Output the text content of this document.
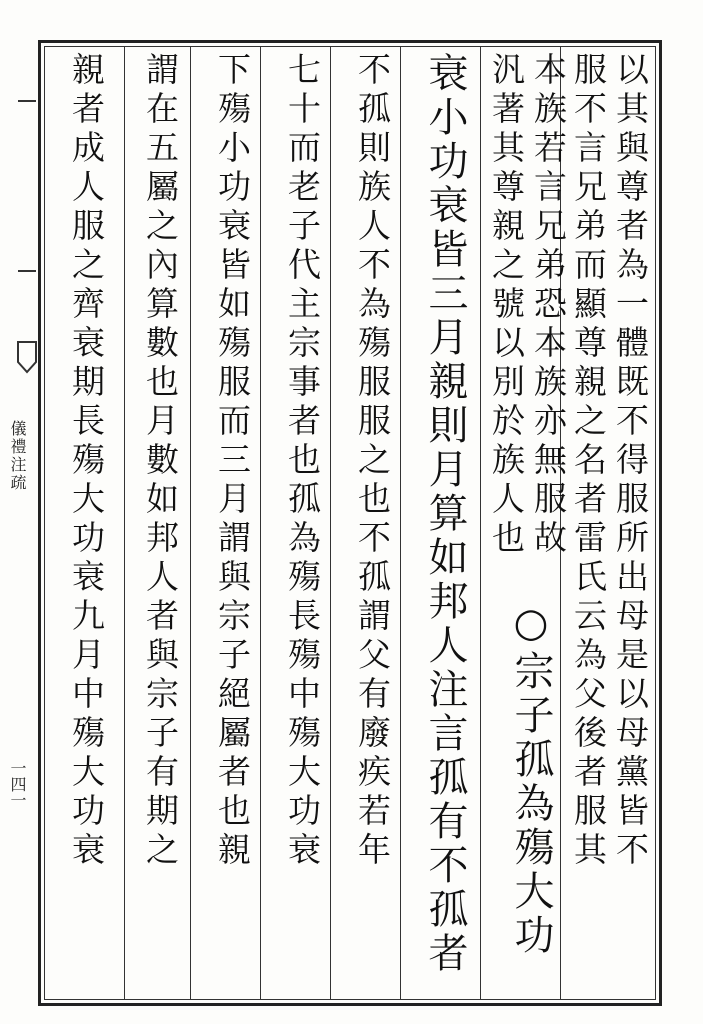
儀禮注疏
一四一	以其與尊者為一體既不得服所出母是以母黨皆不
服不言兄弟而顯尊親之名者雷氏云為父後者服其
本族若言兄弟恐本族亦無服故
○宗子孤為殤大功
汎著其尊親之號以別於族人也
衰小功衰皆三月親則月算如邦人注言孤有不孤者
不孤則族人不為殤服服之也不孤謂父有廢疾若年
七十而老子代主宗事者也孤為殤長殤中殤大功衰
下殤小功衰皆如殤服而三月謂與宗子絕屬者也親
謂在五屬之內算數也月數如邦人者與宗子有期之
親者成人服之齊衰期長殤大功衰九月中殤大功衰
